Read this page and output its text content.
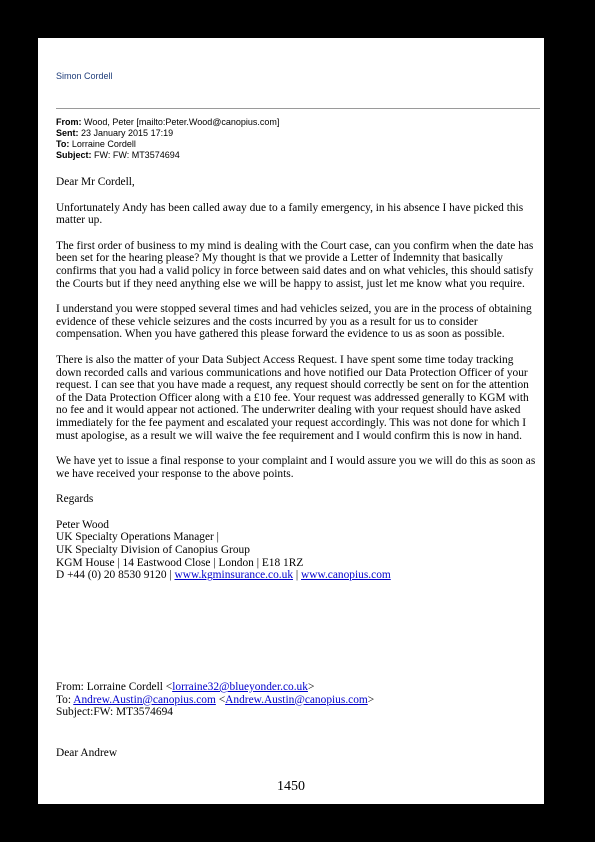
Simon Cordell
From: Wood, Peter [mailto:Peter.Wood@canopius.com]
Sent: 23 January 2015 17:19
To: Lorraine Cordell
Subject: FW: FW: MT3574694

Dear Mr Cordell,

Unfortunately Andy has been called away due to a family emergency, in his absence I have picked this matter up.

The first order of business to my mind is dealing with the Court case, can you confirm when the date has been set for the hearing please? My thought is that we provide a Letter of Indemnity that basically confirms that you had a valid policy in force between said dates and on what vehicles, this should satisfy the Courts but if they need anything else we will be happy to assist, just let me know what you require.

I understand you were stopped several times and had vehicles seized, you are in the process of obtaining evidence of these vehicle seizures and the costs incurred by you as a result for us to consider compensation. When you have gathered this please forward the evidence to us as soon as possible.

There is also the matter of your Data Subject Access Request. I have spent some time today tracking down recorded calls and various communications and hove notified our Data Protection Officer of your request. I can see that you have made a request, any request should correctly be sent on for the attention of the Data Protection Officer along with a £10 fee. Your request was addressed generally to KGM with no fee and it would appear not actioned. The underwriter dealing with your request should have asked immediately for the fee payment and escalated your request accordingly. This was not done for which I must apologise, as a result we will waive the fee requirement and I would confirm this is now in hand.

We have yet to issue a final response to your complaint and I would assure you we will do this as soon as we have received your response to the above points.

Regards

Peter Wood
UK Specialty Operations Manager |
UK Specialty Division of Canopius Group
KGM House | 14 Eastwood Close | London | E18 1RZ
D +44 (0) 20 8530 9120 | www.kgminsurance.co.uk | www.canopius.com
From: Lorraine Cordell <lorraine32@blueyonder.co.uk>
To: Andrew.Austin@canopius.com <Andrew.Austin@canopius.com>
Subject:FW: MT3574694
Dear Andrew
1450
